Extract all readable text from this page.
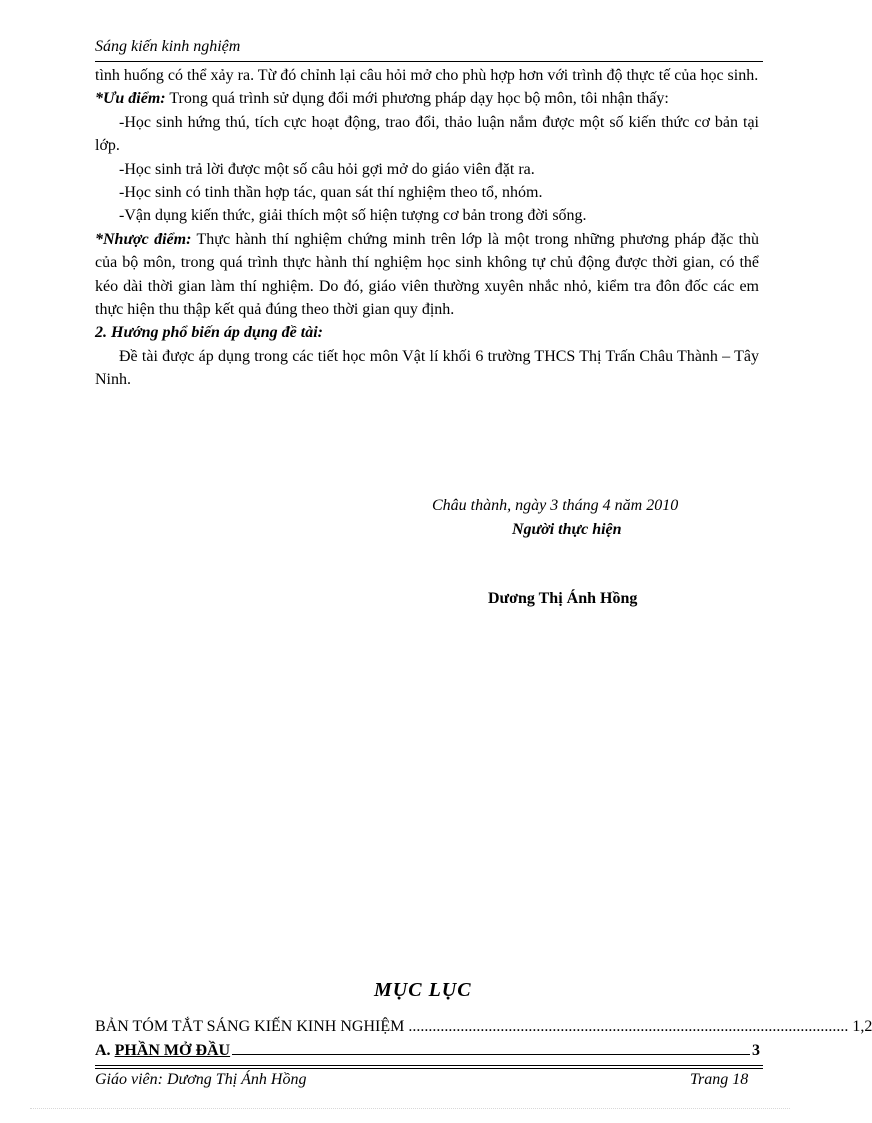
Sáng kiến kinh nghiệm

tình huống có thể xảy ra. Từ đó chỉnh lại câu hỏi mở cho phù hợp hơn với trình độ thực tế của học sinh.

*Ưu điểm: Trong quá trình sử dụng đổi mới phương pháp dạy học bộ môn, tôi nhận thấy:

-Học sinh hứng thú, tích cực hoạt động, trao đổi, thảo luận nắm được một số kiến thức cơ bản tại lớp.

-Học sinh trả lời được một số câu hỏi gợi mở do giáo viên đặt ra.

-Học sinh có tinh thần hợp tác, quan sát thí nghiệm theo tổ, nhóm.

-Vận dụng kiến thức, giải thích một số hiện tượng cơ bản trong đời sống.

*Nhược điểm: Thực hành thí nghiệm chứng minh trên lớp là một trong những phương pháp đặc thù của bộ môn, trong quá trình thực hành thí nghiệm học sinh không tự chủ động được thời gian, có thể kéo dài thời gian làm thí nghiệm. Do đó, giáo viên thường xuyên nhắc nhỏ, kiểm tra đôn đốc các em thực hiện thu thập kết quả đúng theo thời gian quy định.

2. Hướng phổ biến áp dụng đề tài:

Đề tài được áp dụng trong các tiết học môn Vật lí khối 6 trường THCS Thị Trấn Châu Thành – Tây Ninh.

Châu thành, ngày 3 tháng 4 năm 2010
Người thực hiện
Dương Thị Ánh Hồng
MỤC LỤC
BẢN TÓM TẮT SÁNG KIẾN KINH NGHIỆM .............................................................................................................. 1,2
A. PHẦN MỞ ĐẦU	3
Giáo viên: Dương Thị Ánh Hồng	Trang 18
